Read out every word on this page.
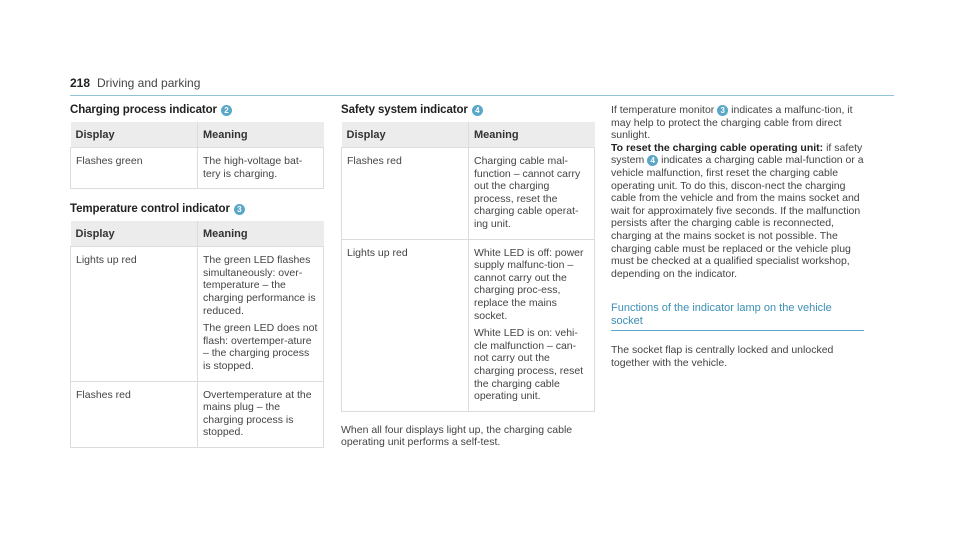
218 Driving and parking
Charging process indicator 2
Display	Meaning
Flashes green	The high-voltage bat-tery is charging.

Temperature control indicator 3
Display	Meaning
Lights up red	The green LED flashes simultaneously: over-temperature – the charging performance is reduced.

The green LED does not flash: overtemper-ature – the charging process is stopped.

Flashes red	Overtemperature at the mains plug – the charging process is stopped.

Safety system indicator 4
Display	Meaning
Flashes red	Charging cable mal-function – cannot carry out the charging process, reset the charging cable operat-ing unit.

Lights up red	White LED is off: power supply malfunc-tion – cannot carry out the charging proc-ess, replace the mains socket.

White LED is on: vehi-cle malfunction – can-not carry out the charging process, reset the charging cable operating unit.

When all four displays light up, the charging cable operating unit performs a self-test.

If temperature monitor 3 indicates a malfunc-tion, it may help to protect the charging cable from direct sunlight.

To reset the charging cable operating unit: if safety system 4 indicates a charging cable mal-function or a vehicle malfunction, first reset the charging cable operating unit. To do this, discon-nect the charging cable from the vehicle and from the mains socket and wait for approximately five seconds. If the malfunction persists after the charging cable is reconnected, charging at the mains socket is not possible. The charging cable must be replaced or the vehicle plug must be checked at a qualified specialist workshop, depending on the indicator.

Functions of the indicator lamp on the vehicle socket

The socket flap is centrally locked and unlocked together with the vehicle.
